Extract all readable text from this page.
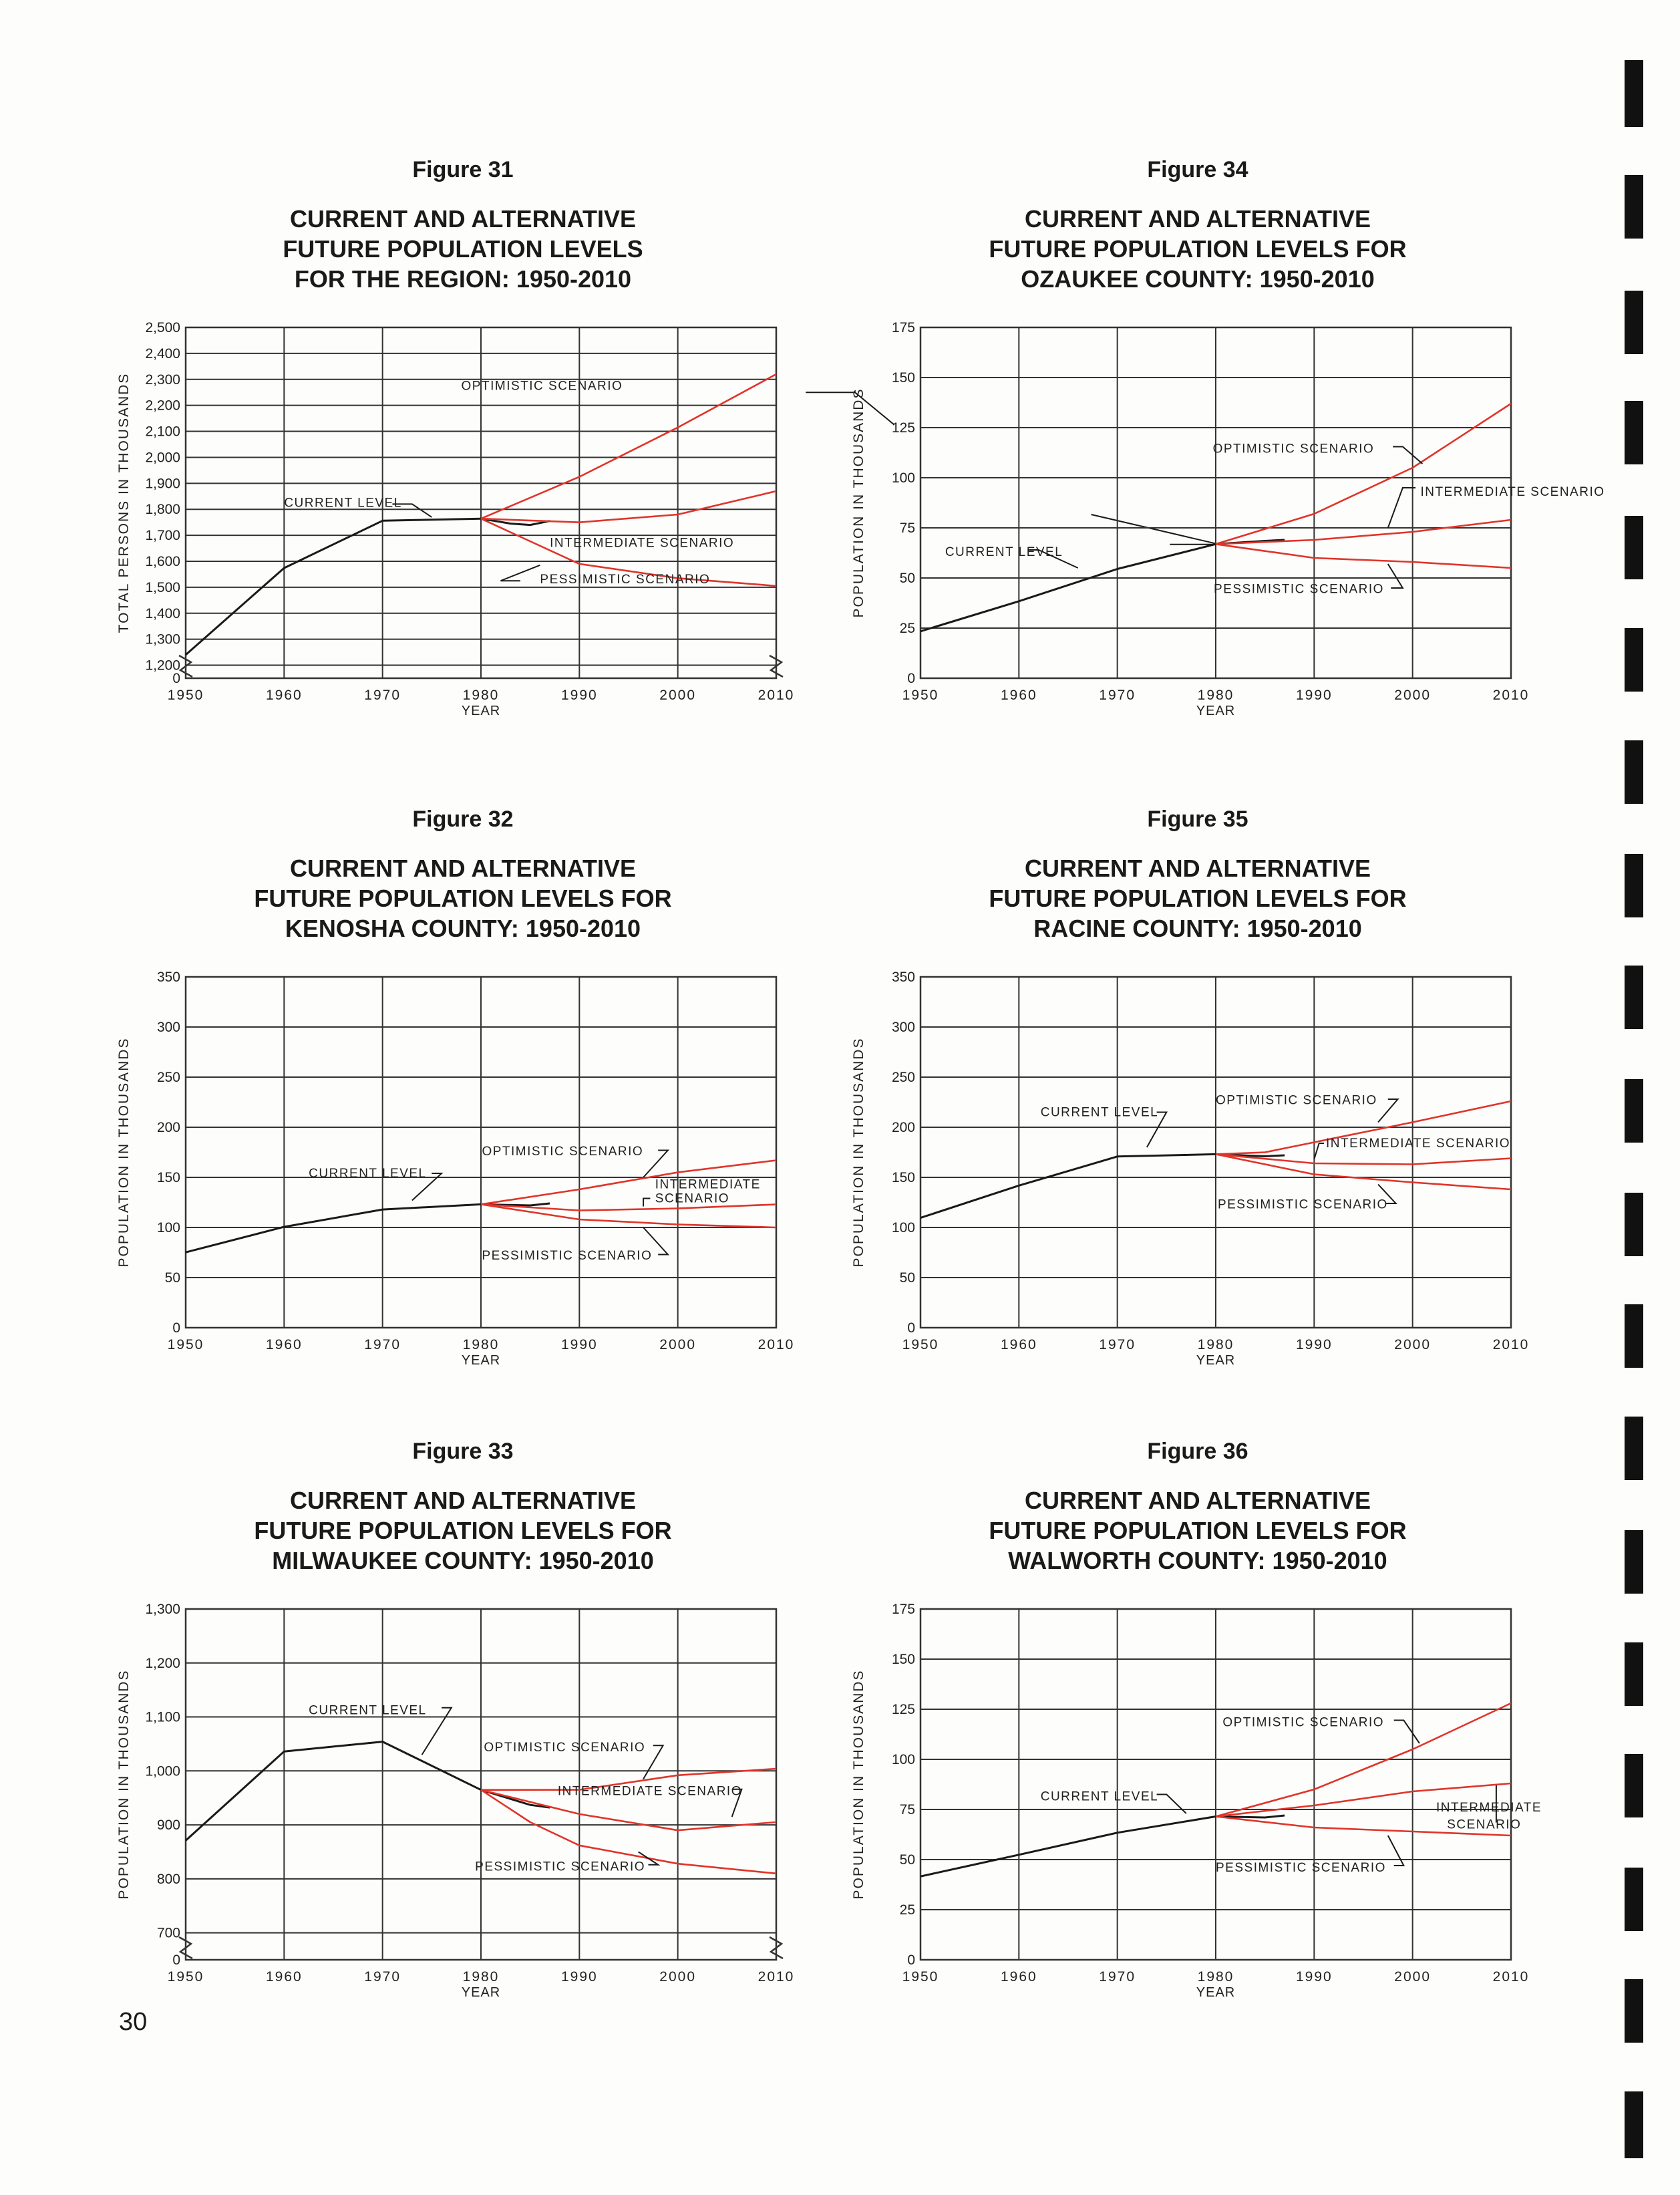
Figure 31
CURRENT AND ALTERNATIVE
FUTURE POPULATION LEVELS
FOR THE REGION: 1950-2010
1950	1960	1970	1980	1990	2000	2010
0
1,200
1,300
1,400
1,500
1,600
1,700
1,800
1,900
2,000
2,100
2,200
2,300
2,400
2,500
YEAR
TOTAL PERSONS IN THOUSANDS	OPTIMISTIC SCENARIO
CURRENT LEVEL
INTERMEDIATE SCENARIO
PESSIMISTIC SCENARIO
Figure 34
CURRENT AND ALTERNATIVE
FUTURE POPULATION LEVELS FOR
OZAUKEE COUNTY: 1950-2010
1950	1960	1970	1980	1990	2000	2010
0
25
50
75
100
125
150
175
YEAR
POPULATION IN THOUSANDS	OPTIMISTIC SCENARIO
INTERMEDIATE SCENARIO
CURRENT LEVEL
PESSIMISTIC SCENARIO
Figure 32
CURRENT AND ALTERNATIVE
FUTURE POPULATION LEVELS FOR
KENOSHA COUNTY: 1950-2010
1950	1960	1970	1980	1990	2000	2010
0
50
100
150
200
250
300
350
YEAR
POPULATION IN THOUSANDS	OPTIMISTIC SCENARIO
INTERMEDIATE
SCENARIO
CURRENT LEVEL
PESSIMISTIC SCENARIO
Figure 35
CURRENT AND ALTERNATIVE
FUTURE POPULATION LEVELS FOR
RACINE COUNTY: 1950-2010
1950	1960	1970	1980	1990	2000	2010
0
50
100
150
200
250
300
350
YEAR
POPULATION IN THOUSANDS	OPTIMISTIC SCENARIO
CURRENT LEVEL
INTERMEDIATE SCENARIO
PESSIMISTIC SCENARIO
Figure 33
CURRENT AND ALTERNATIVE
FUTURE POPULATION LEVELS FOR
MILWAUKEE COUNTY: 1950-2010
1950	1960	1970	1980	1990	2000	2010
0
700
800
900
1,000
1,100
1,200
1,300
YEAR
POPULATION IN THOUSANDS	CURRENT LEVEL
OPTIMISTIC SCENARIO
INTERMEDIATE SCENARIO
PESSIMISTIC SCENARIO
Figure 36
CURRENT AND ALTERNATIVE
FUTURE POPULATION LEVELS FOR
WALWORTH COUNTY: 1950-2010
1950	1960	1970	1980	1990	2000	2010
0
25
50
75
100
125
150
175
YEAR
POPULATION IN THOUSANDS	OPTIMISTIC SCENARIO
CURRENT LEVEL
INTERMEDIATE
SCENARIO
PESSIMISTIC SCENARIO
30
